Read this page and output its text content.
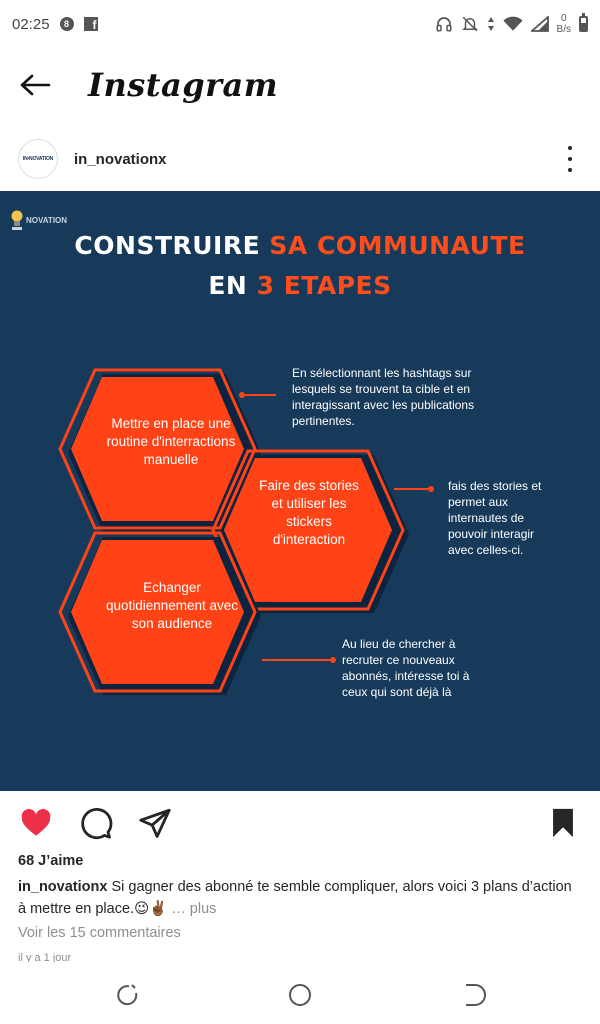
02:25	8	f	0
B/s
Instagram
IN•NOVATION in_novationx
NOVATION
CONSTRUIRE SA COMMUNAUTE
EN 3 ETAPES
Mettre en place une routine d'interractions manuelle
Faire des stories et utiliser les stickers d'interaction
Echanger quotidiennement avec son audience
En sélectionnant les hashtags sur lesquels se trouvent ta cible et en interagissant avec les publications pertinentes.
fais des stories et permet aux internautes de pouvoir interagir avec celles-ci.
Au lieu de chercher à recruter ce nouveaux abonnés, intéresse toi à ceux qui sont déjà là
68 J’aime
in_novationx Si gagner des abonné te semble compliquer, alors voici 3 plans d’action à mettre en place.😉✌🏾 … plus
Voir les 15 commentaires
il y a 1 jour
